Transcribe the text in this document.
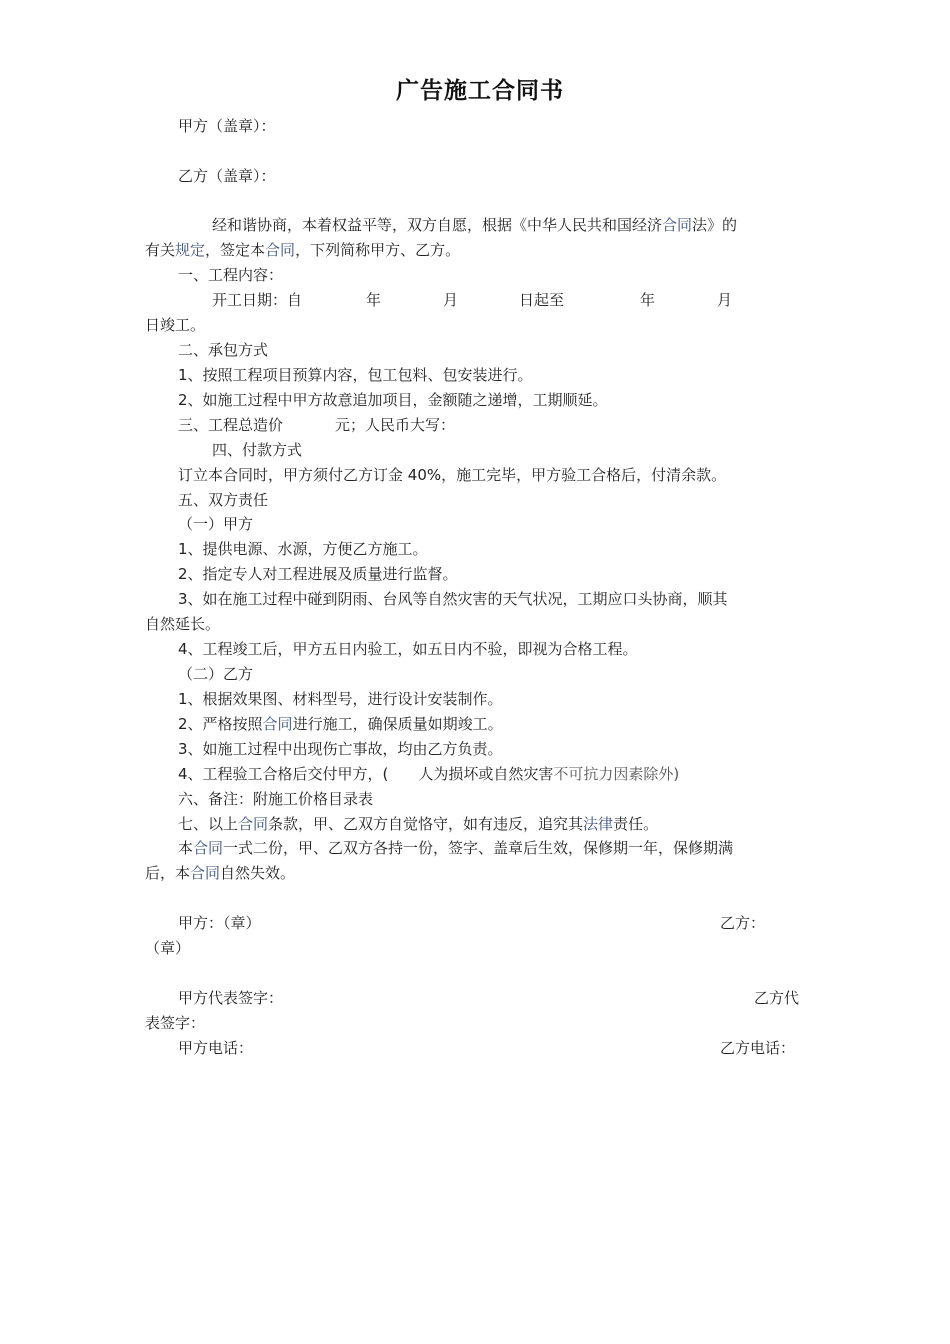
广告施工合同书
甲方（盖章）：
乙方（盖章）：
经和谐协商，本着权益平等，双方自愿，根据《中华人民共和国经济合同法》的
有关规定，签定本合同，下列简称甲方、乙方。
一、工程内容：
开工日期：自	年	月	日起至	年	月
日竣工。
二、承包方式
1、按照工程项目预算内容，包工包料、包安装进行。
2、如施工过程中甲方故意追加项目，金额随之递增，工期顺延。
三、工程总造价	元；人民币大写：
四、付款方式
订立本合同时，甲方须付乙方订金 40%，施工完毕，甲方验工合格后，付清余款。
五、双方责任
（一）甲方
1、提供电源、水源，方便乙方施工。
2、指定专人对工程进展及质量进行监督。
3、如在施工过程中碰到阴雨、台风等自然灾害的天气状况，工期应口头协商，顺其
自然延长。
4、工程竣工后，甲方五日内验工，如五日内不验，即视为合格工程。
（二）乙方
1、根据效果图、材料型号，进行设计安装制作。
2、严格按照合同进行施工，确保质量如期竣工。
3、如施工过程中出现伤亡事故，均由乙方负责。
4、工程验工合格后交付甲方，( 人为损坏或自然灾害不可抗力因素除外)
六、备注：附施工价格目录表
七、以上合同条款，甲、乙双方自觉恪守，如有违反，追究其法律责任。
本合同一式二份，甲、乙双方各持一份，签字、盖章后生效，保修期一年，保修期满
后，本合同自然失效。
甲方：（章）	乙方：
（章）
甲方代表签字：	乙方代
表签字：
甲方电话：	乙方电话：
